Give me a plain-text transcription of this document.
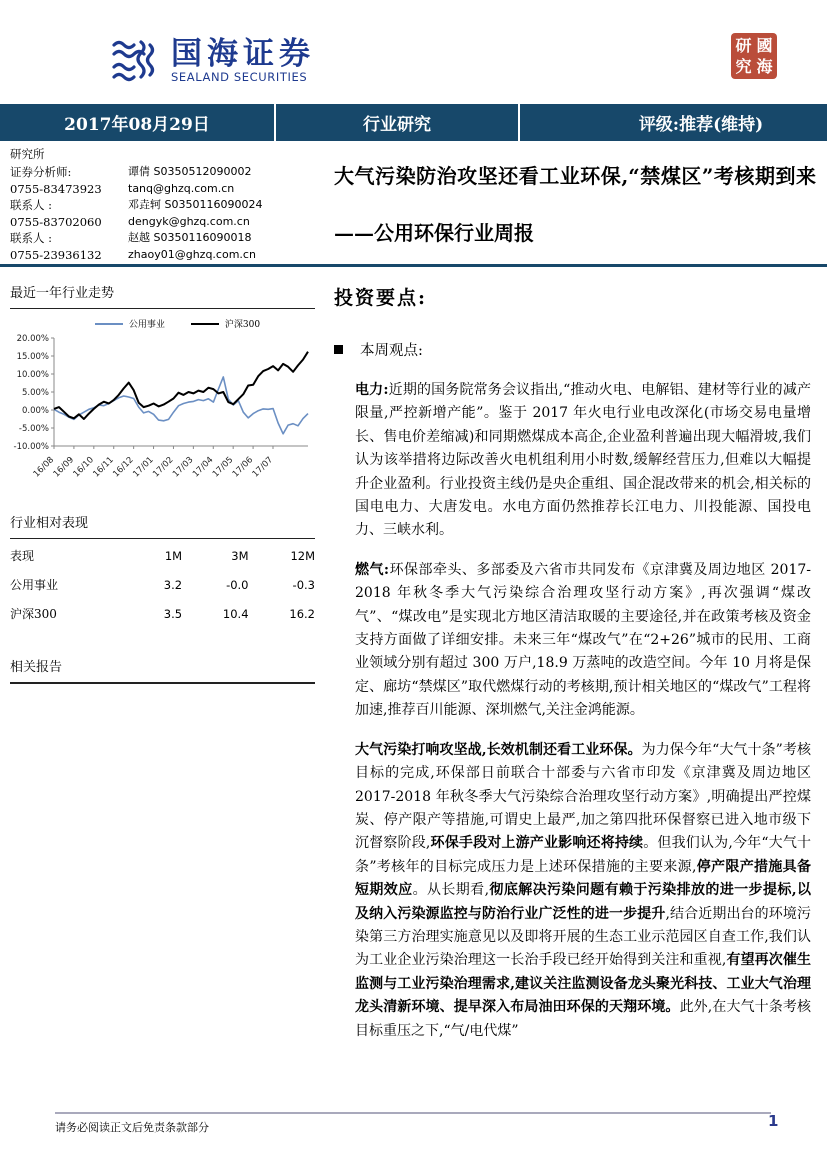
国海证券
SEALAND SECURITIES
研 國
究 海
2017年08月29日	行业研究	评级:推荐(维持)
研究所
证券分析师:	谭倩 S0350512090002
0755-83473923	tanq@ghzq.com.cn
联系人 :	邓垚轲 S0350116090024
0755-83702060	dengyk@ghzq.com.cn
联系人 :	赵越 S0350116090018
0755-23936132	zhaoy01@ghzq.com.cn
大气污染防治攻坚还看工业环保,“禁煤区”考核期到来——公用环保行业周报
最近一年行业走势
公用事业	沪深300
20.00%
15.00%
10.00%
5.00%
0.00%
-5.00%
-10.00%
16/08
16/09
16/10
16/11
16/12
17/01
17/02
17/03
17/04
17/05
17/06
17/07
行业相对表现
表现	1M	3M	12M
公用事业	3.2	-0.0	-0.3
沪深300	3.5	10.4	16.2
相关报告
投资要点:
本周观点:

电力:近期的国务院常务会议指出,“推动火电、电解铝、建材等行业的减产限量,严控新增产能”。鉴于 2017 年火电行业电改深化(市场交易电量增长、售电价差缩减)和同期燃煤成本高企,企业盈利普遍出现大幅滑坡,我们认为该举措将边际改善火电机组利用小时数,缓解经营压力,但难以大幅提升企业盈利。行业投资主线仍是央企重组、国企混改带来的机会,相关标的国电电力、大唐发电。水电方面仍然推荐长江电力、川投能源、国投电力、三峡水利。

燃气:环保部牵头、多部委及六省市共同发布《京津冀及周边地区 2017-2018 年秋冬季大气污染综合治理攻坚行动方案》,再次强调“煤改气”、“煤改电”是实现北方地区清洁取暖的主要途径,并在政策考核及资金支持方面做了详细安排。未来三年“煤改气”在“2+26”城市的民用、工商业领域分别有超过 300 万户,18.9 万蒸吨的改造空间。今年 10 月将是保定、廊坊“禁煤区”取代燃煤行动的考核期,预计相关地区的“煤改气”工程将加速,推荐百川能源、深圳燃气,关注金鸿能源。

大气污染打响攻坚战,长效机制还看工业环保。为力保今年“大气十条”考核目标的完成,环保部日前联合十部委与六省市印发《京津冀及周边地区 2017-2018 年秋冬季大气污染综合治理攻坚行动方案》,明确提出严控煤炭、停产限产等措施,可谓史上最严,加之第四批环保督察已进入地市级下沉督察阶段,环保手段对上游产业影响还将持续。但我们认为,今年“大气十条”考核年的目标完成压力是上述环保措施的主要来源,停产限产措施具备短期效应。从长期看,彻底解决污染问题有赖于污染排放的进一步提标,以及纳入污染源监控与防治行业广泛性的进一步提升,结合近期出台的环境污染第三方治理实施意见以及即将开展的生态工业示范园区自查工作,我们认为工业企业污染治理这一长治手段已经开始得到关注和重视,有望再次催生监测与工业污染治理需求,建议关注监测设备龙头聚光科技、工业大气治理龙头清新环境、提早深入布局油田环保的天翔环境。此外,在大气十条考核目标重压之下,“气/电代煤”

请务必阅读正文后免责条款部分	1
